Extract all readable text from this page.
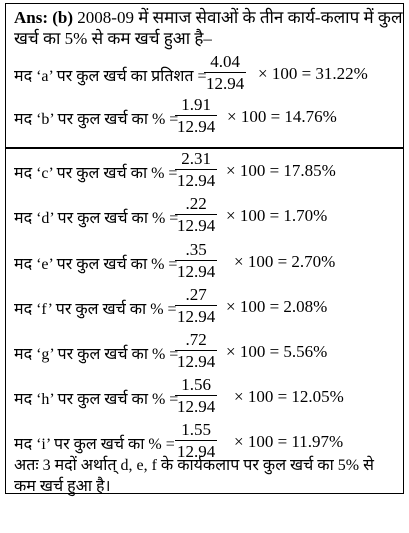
Ans: (b) 2008-09 में समाज सेवाओं के तीन कार्य-कलाप में कुल
खर्च का 5% से कम खर्च हुआ है–
मद ‘a’ पर कुल खर्च का प्रतिशत =
4.04
12.94
× 100 = 31.22%
मद ‘b’ पर कुल खर्च का % =
1.91
12.94
× 100 = 14.76%
मद ‘c’ पर कुल खर्च का % =
2.31
12.94
× 100 = 17.85%
मद ‘d’ पर कुल खर्च का % =
.22
12.94
× 100 = 1.70%
मद ‘e’ पर कुल खर्च का % =
.35
12.94
× 100 = 2.70%
मद ‘f’ पर कुल खर्च का % =
.27
12.94
× 100 = 2.08%
मद ‘g’ पर कुल खर्च का % =
.72
12.94
× 100 = 5.56%
मद ‘h’ पर कुल खर्च का % =
1.56
12.94
× 100 = 12.05%
मद ‘i’ पर कुल खर्च का % =
1.55
12.94
× 100 = 11.97%
अतः 3 मदों अर्थात् d, e, f के कार्यकलाप पर कुल खर्च का 5% से
कम खर्च हुआ है।
